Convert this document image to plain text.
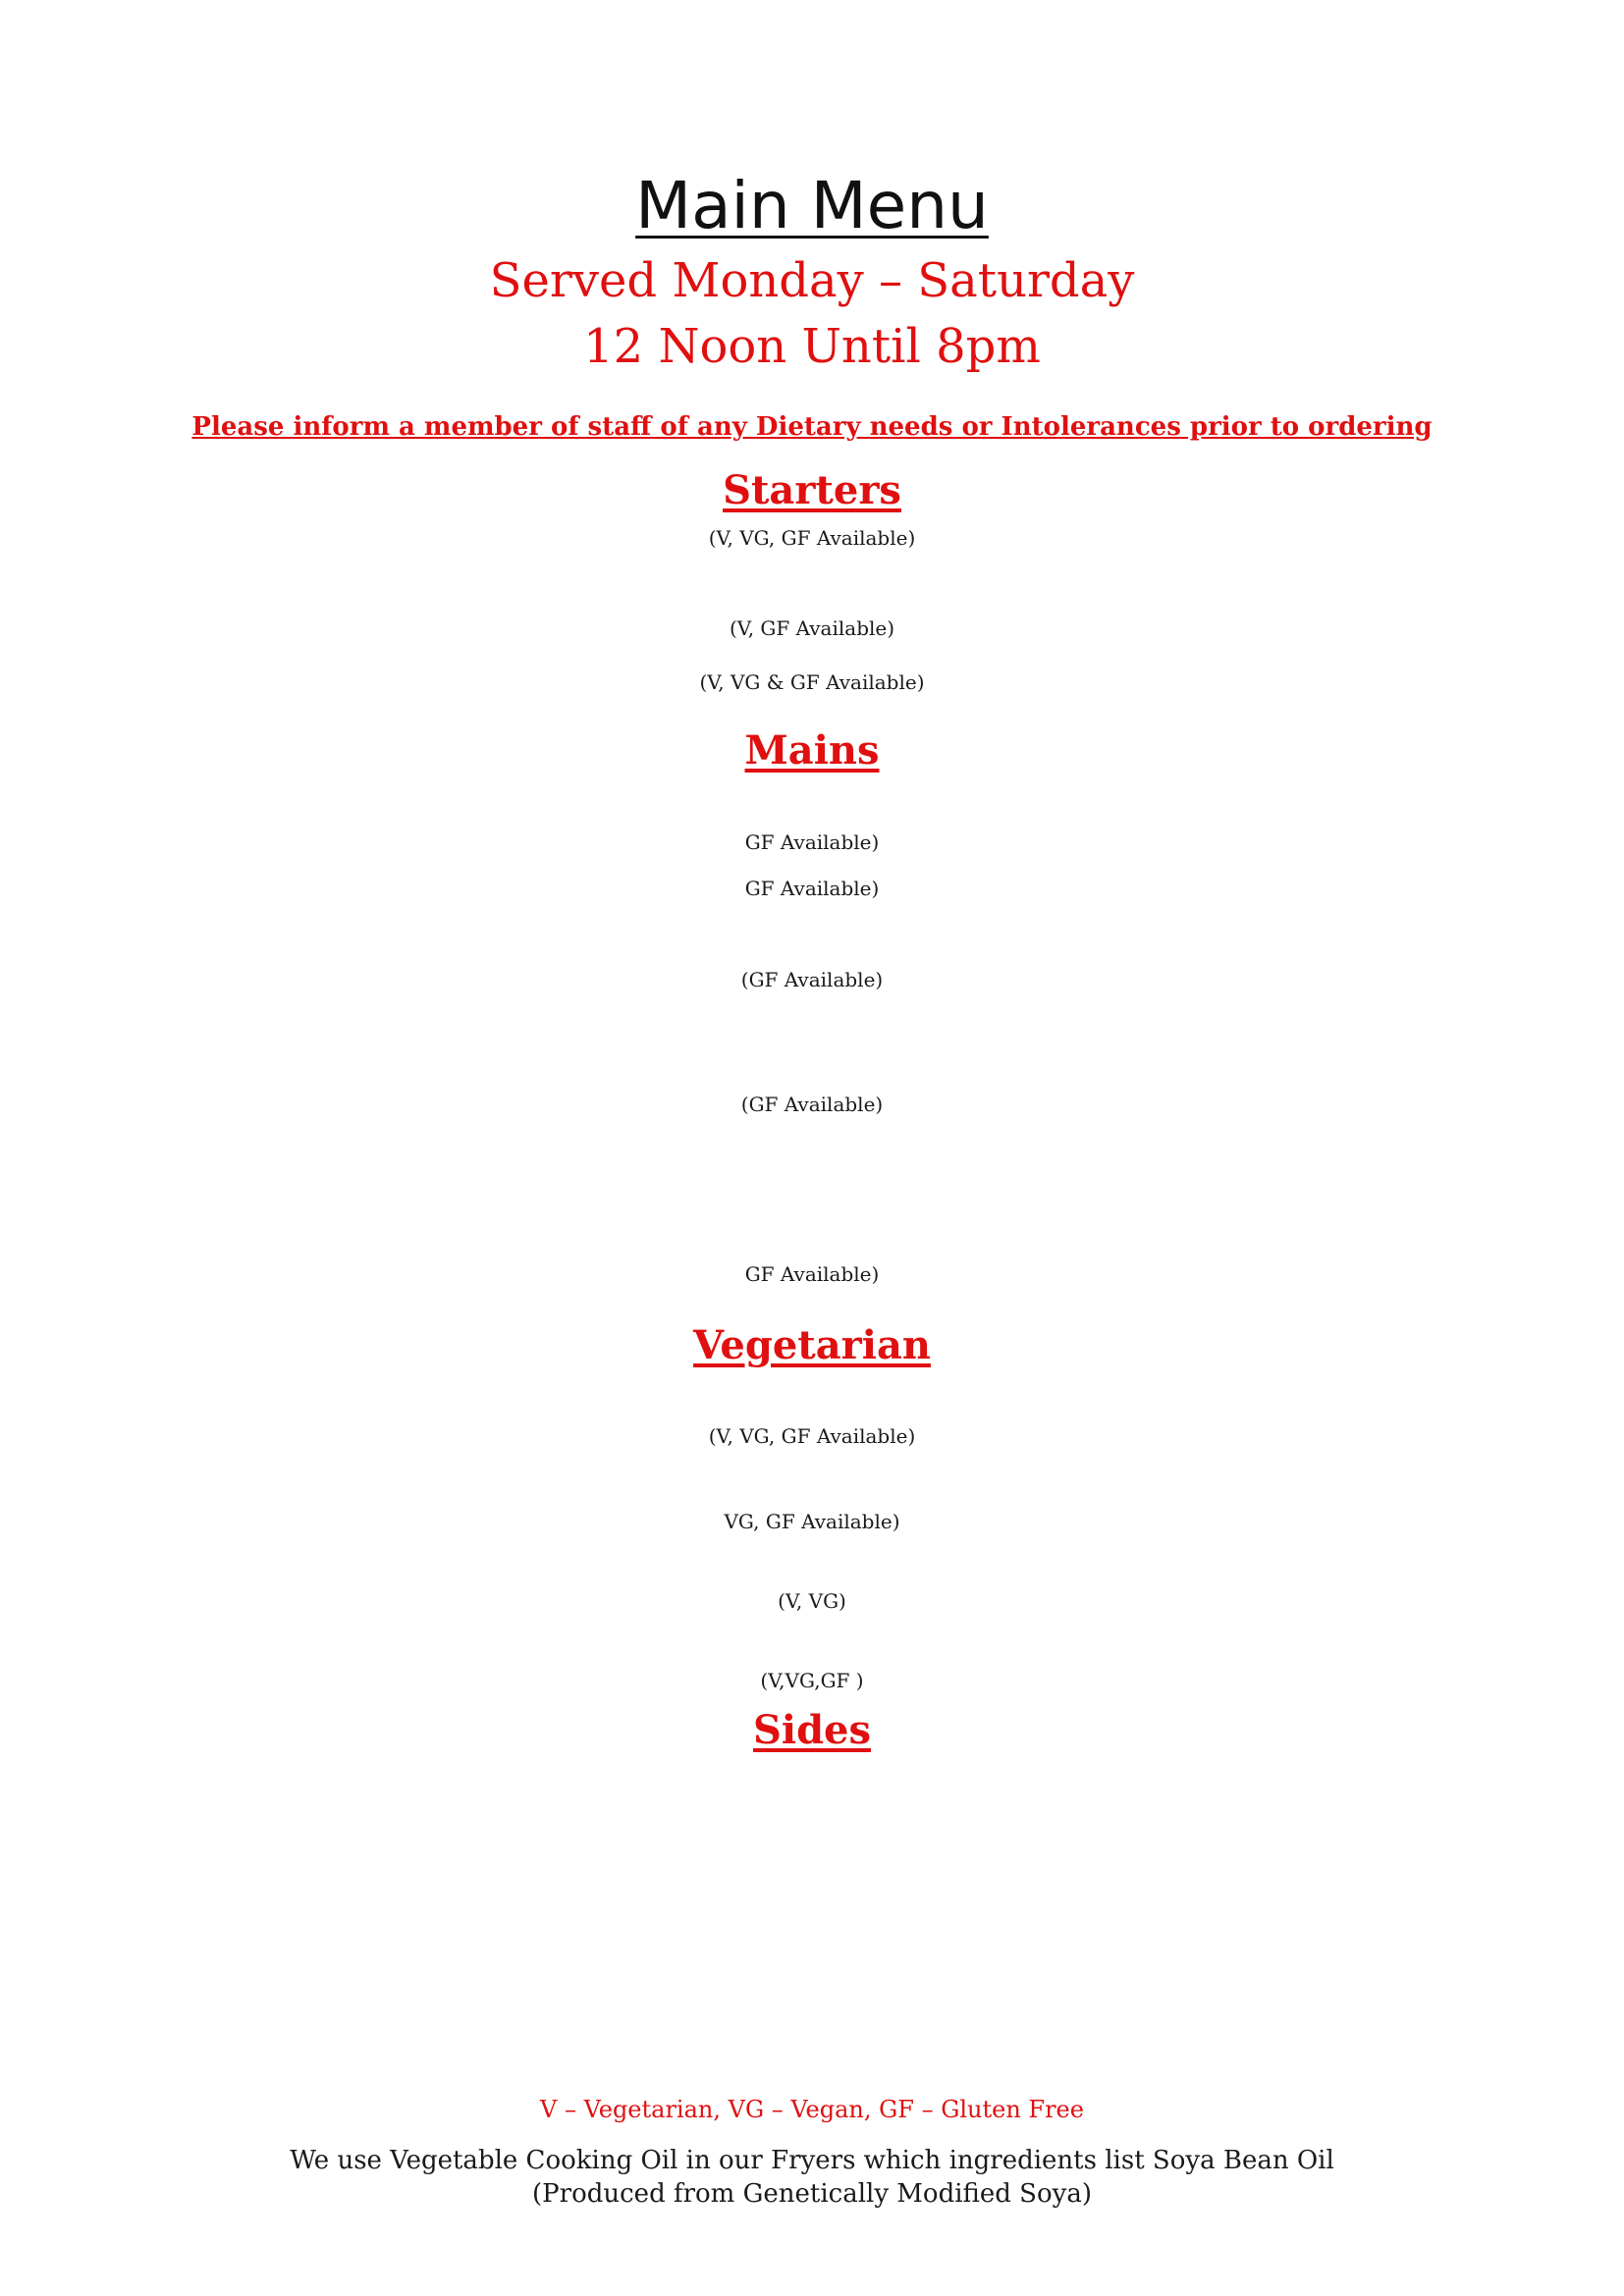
Main Menu
Served Monday – Saturday
12 Noon Until 8pm
Please inform a member of staff of any Dietary needs or Intolerances prior to ordering
Starters
(V, VG, GF Available)
(V, GF Available)
(V, VG & GF Available)
Mains
GF Available)
GF Available)
(GF Available)
(GF Available)
GF Available)
Vegetarian
(V, VG, GF Available)
VG, GF Available)
(V, VG)
(V,VG,GF )
Sides
V – Vegetarian, VG – Vegan, GF – Gluten Free
We use Vegetable Cooking Oil in our Fryers which ingredients list Soya Bean Oil
(Produced from Genetically Modified Soya)
